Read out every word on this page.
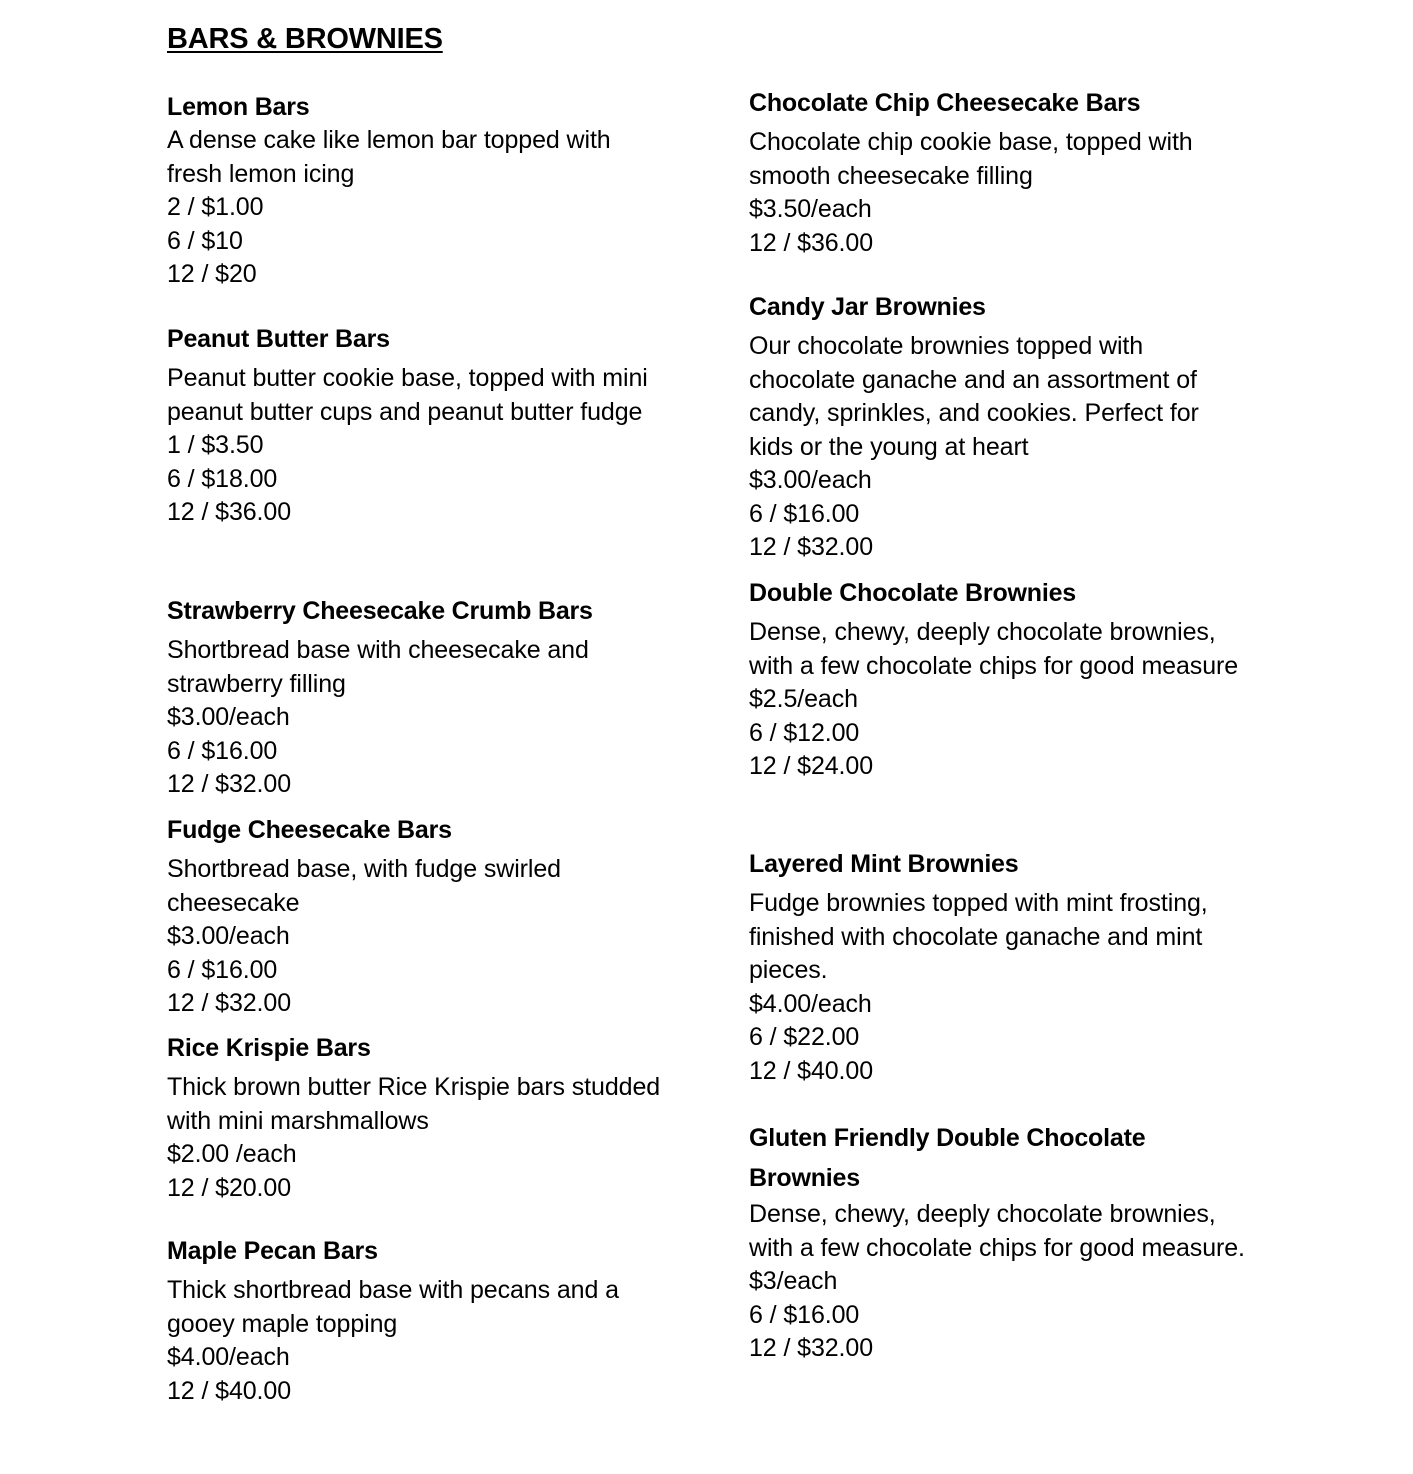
BARS & BROWNIES
Lemon Bars

A dense cake like lemon bar topped with fresh lemon icing

2 / $1.00
6 / $10
12 / $20
Peanut Butter Bars

Peanut butter cookie base, topped with mini peanut butter cups and peanut butter fudge

1 / $3.50
6 / $18.00
12 / $36.00
Strawberry Cheesecake Crumb Bars

Shortbread base with cheesecake and strawberry filling

$3.00/each
6 / $16.00
12 / $32.00
Fudge Cheesecake Bars

Shortbread base, with fudge swirled cheesecake

$3.00/each
6 / $16.00
12 / $32.00
Rice Krispie Bars

Thick brown butter Rice Krispie bars studded with mini marshmallows

$2.00 /each
12 / $20.00
Maple Pecan Bars

Thick shortbread base with pecans and a gooey maple topping

$4.00/each
12 / $40.00
Chocolate Chip Cheesecake Bars

Chocolate chip cookie base, topped with smooth cheesecake filling

$3.50/each
12 / $36.00
Candy Jar Brownies

Our chocolate brownies topped with chocolate ganache and an assortment of candy, sprinkles, and cookies. Perfect for kids or the young at heart

$3.00/each
6 / $16.00
12 / $32.00
Double Chocolate Brownies

Dense, chewy, deeply chocolate brownies, with a few chocolate chips for good measure

$2.5/each
6 / $12.00
12 / $24.00
Layered Mint Brownies

Fudge brownies topped with mint frosting, finished with chocolate ganache and mint pieces.

$4.00/each
6 / $22.00
12 / $40.00
Gluten Friendly Double Chocolate Brownies

Dense, chewy, deeply chocolate brownies, with a few chocolate chips for good measure.

$3/each
6 / $16.00
12 / $32.00
